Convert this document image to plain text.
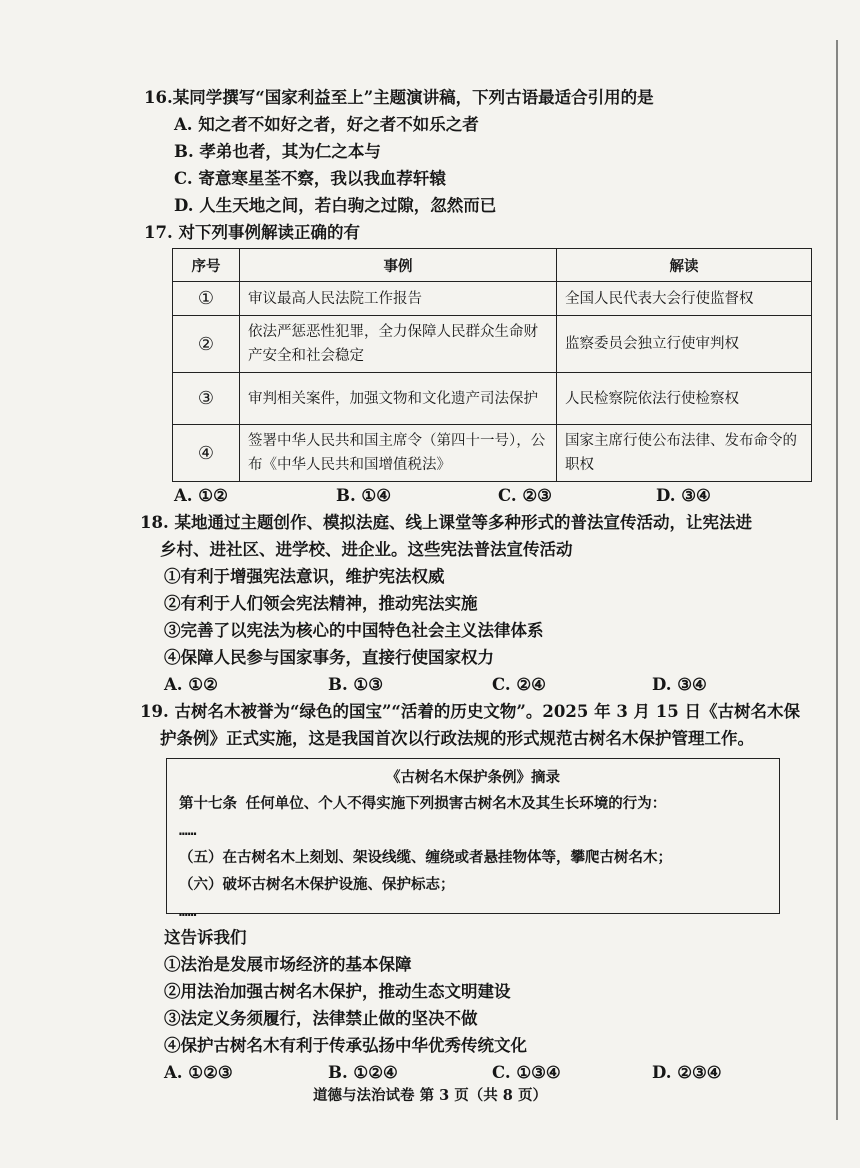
16.某同学撰写“国家利益至上”主题演讲稿，下列古语最适合引用的是
A. 知之者不如好之者，好之者不如乐之者
B. 孝弟也者，其为仁之本与
C. 寄意寒星荃不察，我以我血荐轩辕
D. 人生天地之间，若白驹之过隙，忽然而已
17. 对下列事例解读正确的有
序号	事例	解读
①	审议最高人民法院工作报告	全国人民代表大会行使监督权
②	依法严惩恶性犯罪，全力保障人民群众生命财产安全和社会稳定	监察委员会独立行使审判权
③	审判相关案件，加强文物和文化遗产司法保护	人民检察院依法行使检察权
④	签署中华人民共和国主席令（第四十一号），公布《中华人民共和国增值税法》	国家主席行使公布法律、发布命令的职权
A. ①②	B. ①④	C. ②③	D. ③④
18. 某地通过主题创作、模拟法庭、线上课堂等多种形式的普法宣传活动，让宪法进
乡村、进社区、进学校、进企业。这些宪法普法宣传活动
①有利于增强宪法意识，维护宪法权威
②有利于人们领会宪法精神，推动宪法实施
③完善了以宪法为核心的中国特色社会主义法律体系
④保障人民参与国家事务，直接行使国家权力
A. ①②	B. ①③	C. ②④	D. ③④
19. 古树名木被誉为“绿色的国宝”“活着的历史文物”。2025 年 3 月 15 日《古树名木保
护条例》正式实施，这是我国首次以行政法规的形式规范古树名木保护管理工作。
《古树名木保护条例》摘录
第十七条 任何单位、个人不得实施下列损害古树名木及其生长环境的行为：
……
（五）在古树名木上刻划、架设线缆、缠绕或者悬挂物体等，攀爬古树名木；
（六）破坏古树名木保护设施、保护标志；
……
这告诉我们
①法治是发展市场经济的基本保障
②用法治加强古树名木保护，推动生态文明建设
③法定义务须履行，法律禁止做的坚决不做
④保护古树名木有利于传承弘扬中华优秀传统文化
A. ①②③	B. ①②④	C. ①③④	D. ②③④
道德与法治试卷 第 3 页（共 8 页）
